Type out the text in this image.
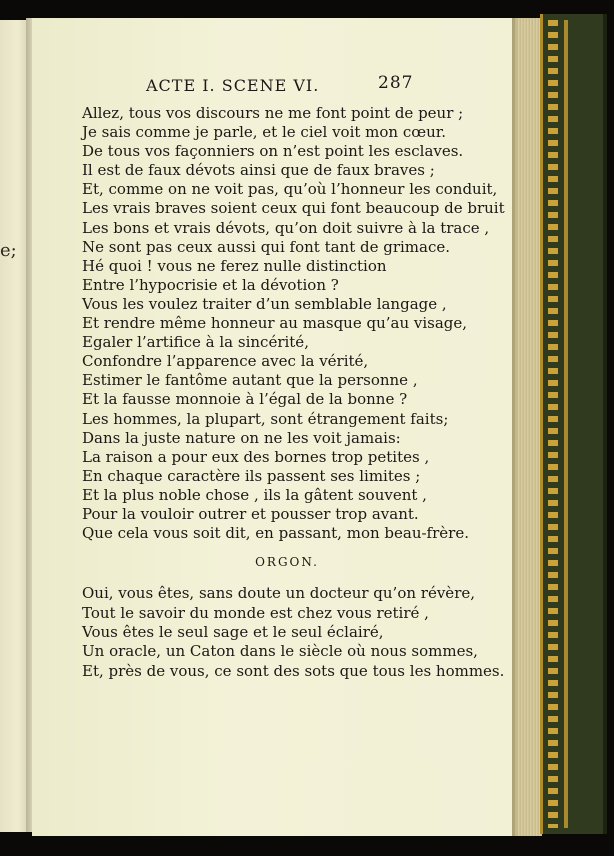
e;
ACTE I. SCENE VI.	287
Allez, tous vos discours ne me font point de peur ;
Je sais comme je parle, et le ciel voit mon cœur.
De tous vos façonniers on n’est point les esclaves.
Il est de faux dévots ainsi que de faux braves ;
Et, comme on ne voit pas, qu’où l’honneur les conduit,
Les vrais braves soient ceux qui font beaucoup de bruit
Les bons et vrais dévots, qu’on doit suivre à la trace ,
Ne sont pas ceux aussi qui font tant de grimace.
Hé quoi ! vous ne ferez nulle distinction
Entre l’hypocrisie et la dévotion ?
Vous les voulez traiter d’un semblable langage ,
Et rendre même honneur au masque qu’au visage,
Egaler l’artifice à la sincérité,
Confondre l’apparence avec la vérité,
Estimer le fantôme autant que la personne ,
Et la fausse monnoie à l’égal de la bonne ?
Les hommes, la plupart, sont étrangement faits;
Dans la juste nature on ne les voit jamais:
La raison a pour eux des bornes trop petites ,
En chaque caractère ils passent ses limites ;
Et la plus noble chose , ils la gâtent souvent ,
Pour la vouloir outrer et pousser trop avant.
Que cela vous soit dit, en passant, mon beau-frère.
ORGON.
Oui, vous êtes, sans doute un docteur qu’on révère,
Tout le savoir du monde est chez vous retiré ,
Vous êtes le seul sage et le seul éclairé,
Un oracle, un Caton dans le siècle où nous sommes,
Et, près de vous, ce sont des sots que tous les hommes.
